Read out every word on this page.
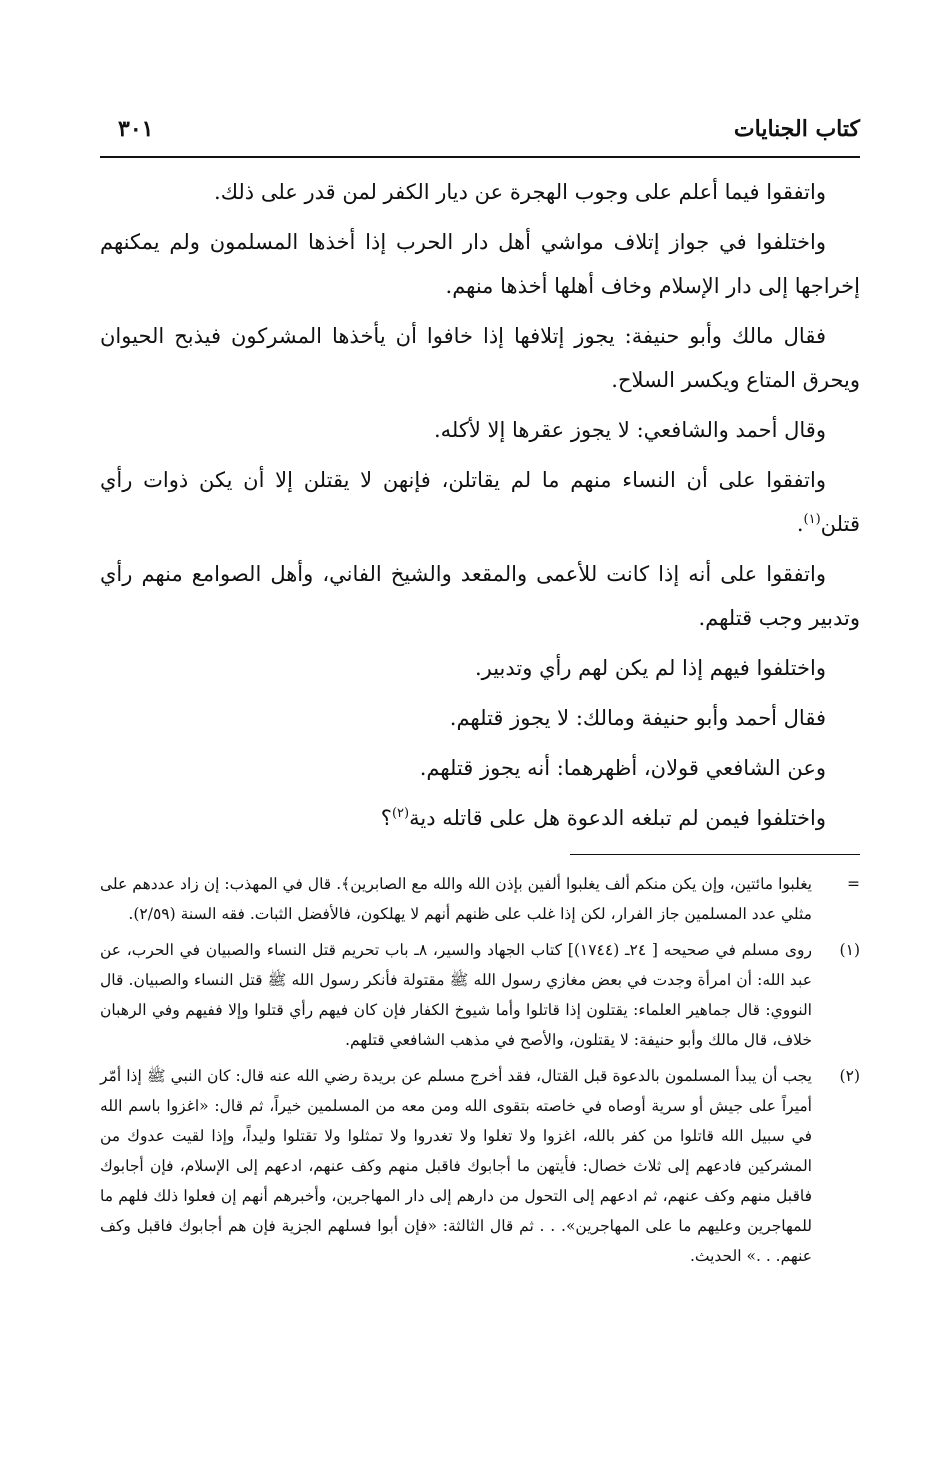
كتاب الجنايات
٣٠١

واتفقوا فيما أعلم على وجوب الهجرة عن ديار الكفر لمن قدر على ذلك.

واختلفوا في جواز إتلاف مواشي أهل دار الحرب إذا أخذها المسلمون ولم يمكنهم إخراجها إلى دار الإسلام وخاف أهلها أخذها منهم.

فقال مالك وأبو حنيفة: يجوز إتلافها إذا خافوا أن يأخذها المشركون فيذبح الحيوان ويحرق المتاع ويكسر السلاح.

وقال أحمد والشافعي: لا يجوز عقرها إلا لأكله.

واتفقوا على أن النساء منهم ما لم يقاتلن، فإنهن لا يقتلن إلا أن يكن ذوات رأي قتلن$^{(١)}$.

واتفقوا على أنه إذا كانت للأعمى والمقعد والشيخ الفاني، وأهل الصوامع منهم رأي وتدبير وجب قتلهم.

واختلفوا فيهم إذا لم يكن لهم رأي وتدبير.

فقال أحمد وأبو حنيفة ومالك: لا يجوز قتلهم.

وعن الشافعي قولان، أظهرهما: أنه يجوز قتلهم.

واختلفوا فيمن لم تبلغه الدعوة هل على قاتله دية$^{(٢)}$؟

=
يغلبوا مائتين، وإن يكن منكم ألف يغلبوا ألفين بإذن الله والله مع الصابرين﴾. قال في المهذب: إن زاد عددهم على مثلي عدد المسلمين جاز الفرار، لكن إذا غلب على ظنهم أنهم لا يهلكون، فالأفضل الثبات. فقه السنة (٢/٥٩).
(١)
روى مسلم في صحيحه [ ٢٤ـ (١٧٤٤)] كتاب الجهاد والسير، ٨ـ باب تحريم قتل النساء والصبيان في الحرب، عن عبد الله: أن امرأة وجدت في بعض مغازي رسول الله ﷺ مقتولة فأنكر رسول الله ﷺ قتل النساء والصبيان. قال النووي: قال جماهير العلماء: يقتلون إذا قاتلوا وأما شيوخ الكفار فإن كان فيهم رأي قتلوا وإلا ففيهم وفي الرهبان خلاف، قال مالك وأبو حنيفة: لا يقتلون، والأصح في مذهب الشافعي قتلهم.
(٢)
يجب أن يبدأ المسلمون بالدعوة قبل القتال، فقد أخرج مسلم عن بريدة رضي الله عنه قال: كان النبي ﷺ إذا أمّر أميراً على جيش أو سرية أوصاه في خاصته بتقوى الله ومن معه من المسلمين خيراً، ثم قال: «اغزوا باسم الله في سبيل الله قاتلوا من كفر بالله، اغزوا ولا تغلوا ولا تغدروا ولا تمثلوا ولا تقتلوا وليداً، وإذا لقيت عدوك من المشركين فادعهم إلى ثلاث خصال: فأيتهن ما أجابوك فاقبل منهم وكف عنهم، ادعهم إلى الإسلام، فإن أجابوك فاقبل منهم وكف عنهم، ثم ادعهم إلى التحول من دارهم إلى دار المهاجرين، وأخبرهم أنهم إن فعلوا ذلك فلهم ما للمهاجرين وعليهم ما على المهاجرين». . . ثم قال الثالثة: «فإن أبوا فسلهم الجزية فإن هم أجابوك فاقبل وكف عنهم. . .» الحديث.
